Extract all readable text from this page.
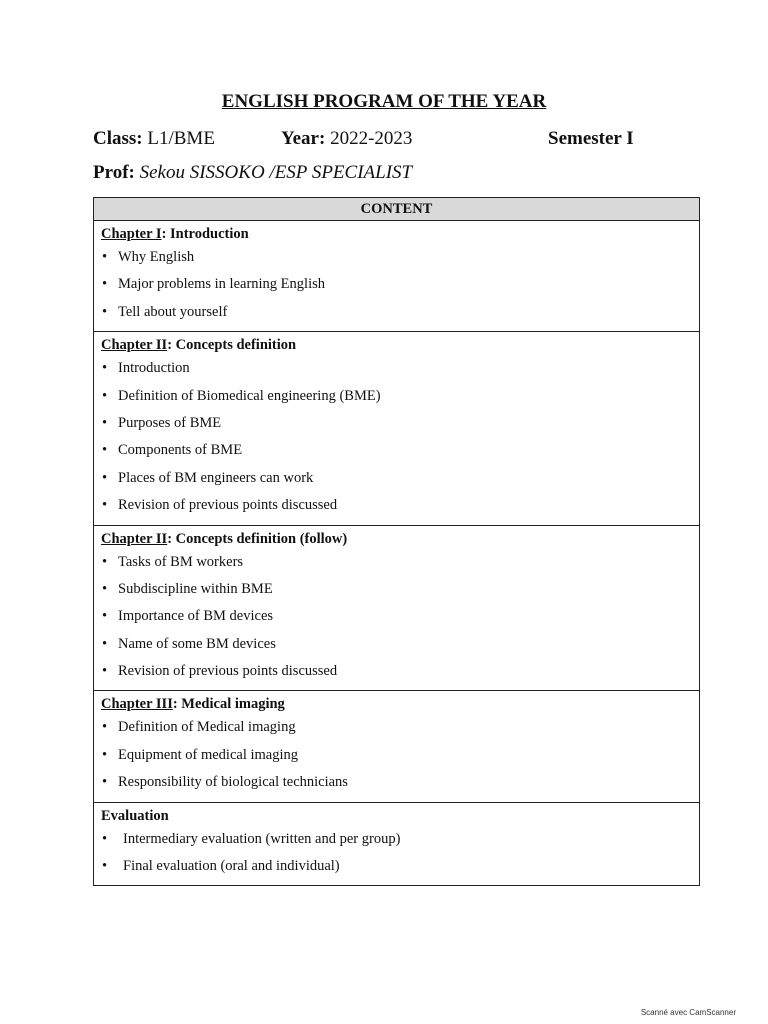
ENGLISH PROGRAM OF THE YEAR
Class: L1/BME	Year: 2022-2023	Semester I
Prof: Sekou SISSOKO /ESP SPECIALIST
CONTENT

Chapter I: Introduction
• Why English
• Major problems in learning English
• Tell about yourself

Chapter II: Concepts definition
• Introduction
• Definition of Biomedical engineering (BME)
• Purposes of BME
• Components of BME
• Places of BM engineers can work
• Revision of previous points discussed

Chapter II: Concepts definition (follow)
• Tasks of BM workers
• Subdiscipline within BME
• Importance of BM devices
• Name of some BM devices
• Revision of previous points discussed

Chapter III: Medical imaging
• Definition of Medical imaging
• Equipment of medical imaging
• Responsibility of biological technicians

Evaluation
• Intermediary evaluation (written and per group)
• Final evaluation (oral and individual)
Scanné avec CamScanner
